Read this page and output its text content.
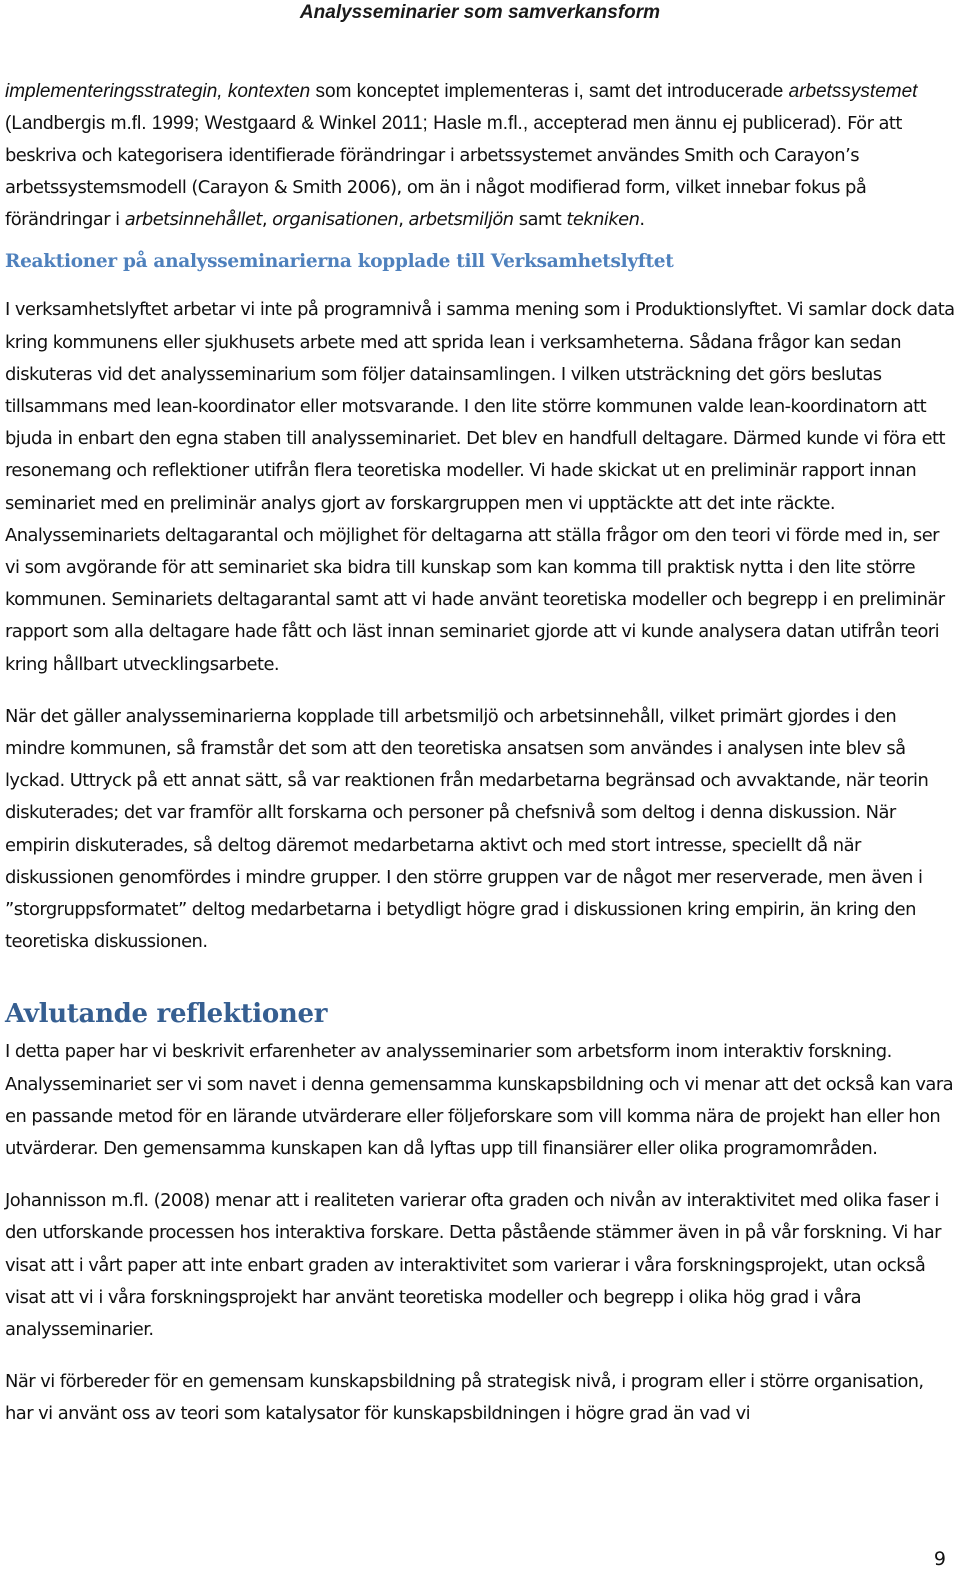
Analysseminarier som samverkansform

implementeringsstrategin, kontexten som konceptet implementeras i, samt det introducerade arbetssystemet (Landbergis m.fl. 1999; Westgaard & Winkel 2011; Hasle m.fl., accepterad men ännu ej publicerad). För att beskriva och kategorisera identifierade förändringar i arbetssystemet användes Smith och Carayon’s arbetssystemsmodell (Carayon & Smith 2006), om än i något modifierad form, vilket innebar fokus på förändringar i arbetsinnehållet, organisationen, arbetsmiljön samt tekniken.

Reaktioner på analysseminarierna kopplade till Verksamhetslyftet

I verksamhetslyftet arbetar vi inte på programnivå i samma mening som i Produktionslyftet. Vi samlar dock data kring kommunens eller sjukhusets arbete med att sprida lean i verksamheterna. Sådana frågor kan sedan diskuteras vid det analysseminarium som följer datainsamlingen. I vilken utsträckning det görs beslutas tillsammans med lean-koordinator eller motsvarande. I den lite större kommunen valde lean-koordinatorn att bjuda in enbart den egna staben till analysseminariet. Det blev en handfull deltagare. Därmed kunde vi föra ett resonemang och reflektioner utifrån flera teoretiska modeller. Vi hade skickat ut en preliminär rapport innan seminariet med en preliminär analys gjort av forskargruppen men vi upptäckte att det inte räckte. Analysseminariets deltagarantal och möjlighet för deltagarna att ställa frågor om den teori vi förde med in, ser vi som avgörande för att seminariet ska bidra till kunskap som kan komma till praktisk nytta i den lite större kommunen. Seminariets deltagarantal samt att vi hade använt teoretiska modeller och begrepp i en preliminär rapport som alla deltagare hade fått och läst innan seminariet gjorde att vi kunde analysera datan utifrån teori kring hållbart utvecklingsarbete.

När det gäller analysseminarierna kopplade till arbetsmiljö och arbetsinnehåll, vilket primärt gjordes i den mindre kommunen, så framstår det som att den teoretiska ansatsen som användes i analysen inte blev så lyckad. Uttryck på ett annat sätt, så var reaktionen från medarbetarna begränsad och avvaktande, när teorin diskuterades; det var framför allt forskarna och personer på chefsnivå som deltog i denna diskussion. När empirin diskuterades, så deltog däremot medarbetarna aktivt och med stort intresse, speciellt då när diskussionen genomfördes i mindre grupper. I den större gruppen var de något mer reserverade, men även i ”storgruppsformatet” deltog medarbetarna i betydligt högre grad i diskussionen kring empirin, än kring den teoretiska diskussionen.

Avlutande reflektioner

I detta paper har vi beskrivit erfarenheter av analysseminarier som arbetsform inom interaktiv forskning. Analysseminariet ser vi som navet i denna gemensamma kunskapsbildning och vi menar att det också kan vara en passande metod för en lärande utvärderare eller följeforskare som vill komma nära de projekt han eller hon utvärderar. Den gemensamma kunskapen kan då lyftas upp till finansiärer eller olika programområden.

Johannisson m.fl. (2008) menar att i realiteten varierar ofta graden och nivån av interaktivitet med olika faser i den utforskande processen hos interaktiva forskare. Detta påstående stämmer även in på vår forskning. Vi har visat att i vårt paper att inte enbart graden av interaktivitet som varierar i våra forskningsprojekt, utan också visat att vi i våra forskningsprojekt har använt teoretiska modeller och begrepp i olika hög grad i våra analysseminarier.

När vi förbereder för en gemensam kunskapsbildning på strategisk nivå, i program eller i större organisation, har vi använt oss av teori som katalysator för kunskapsbildningen i högre grad än vad vi

9
